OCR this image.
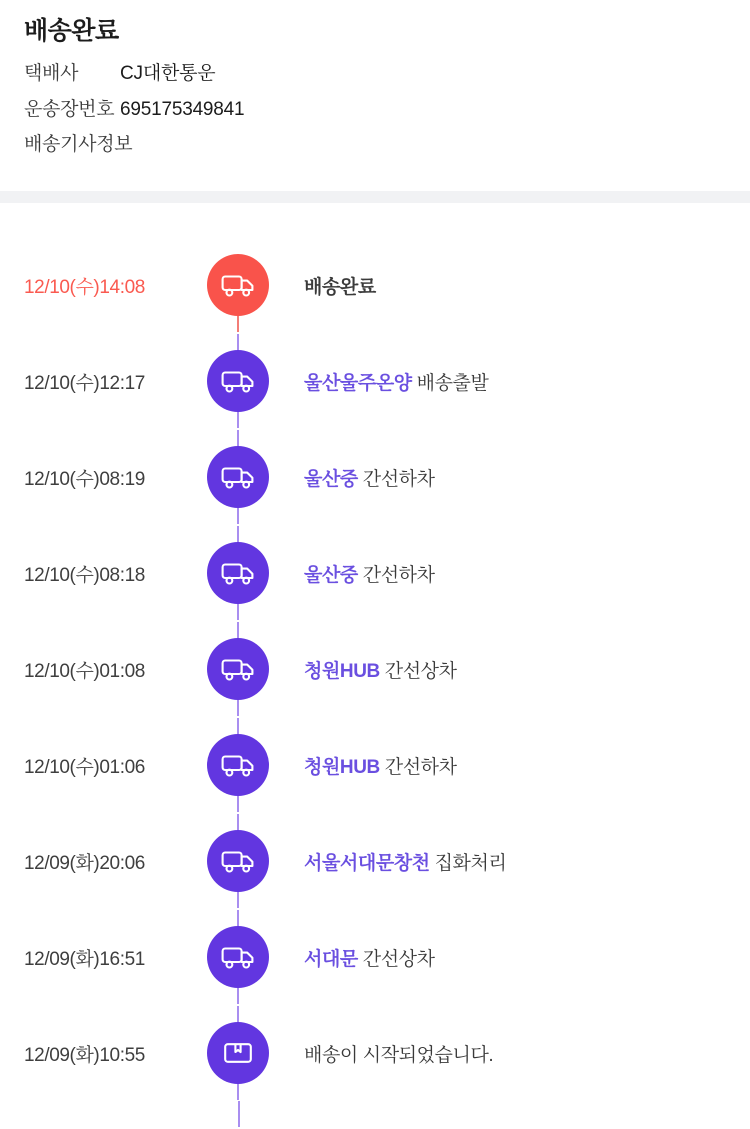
배송완료
택배사	CJ대한통운
운송장번호 695175349841
배송기사정보
12/10(수)14:08	배송완료
12/10(수)12:17	울산울주온양 배송출발
12/10(수)08:19	울산중 간선하차
12/10(수)08:18	울산중 간선하차
12/10(수)01:08	청원HUB 간선상차
12/10(수)01:06	청원HUB 간선하차
12/09(화)20:06	서울서대문창천 집화처리
12/09(화)16:51	서대문 간선상차
12/09(화)10:55	배송이 시작되었습니다.
